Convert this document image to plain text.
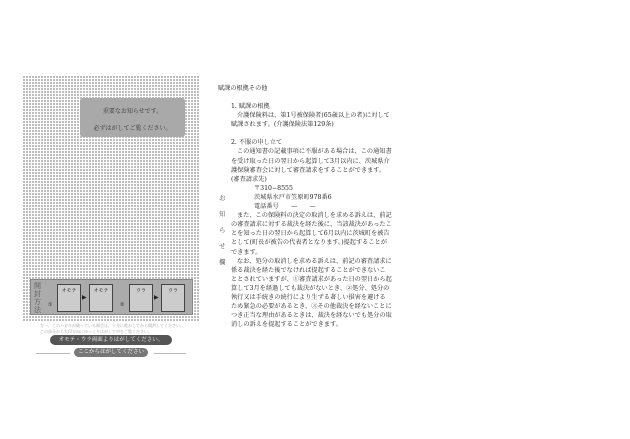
重要なお知らせです。
必ずはがしてご覧ください。
開封方法
オモテ
▶
オモテ	ウラ
▶
ウラ
①	②
万一、このハガキが破っている場合は、十分に乾かしてから開封してください。
この部分から矢印方向にゆっくりはがして中をご覧ください。
オモテ・ウラ両面よりはがしてください。
ここからはがしてください
お
知
ら
せ
欄

賦課の根拠その他

1. 賦課の根拠

介護保険料は、第1号被保険者(65歳以上の者)に対して

賦課されます。(介護保険法第129条)

2. 不服の申し立て

この通知書の記載事項に不服がある場合は、この通知書

を受け取った日の翌日から起算して3月以内に、茨城県介

護保険審査会に対して審査請求をすることができます。

(審査請求先)

〒310−8555

茨城県水戸市笠原町978番6

電話番号　　—　　—

また、この保険料の決定の取消しを求める訴えは、前記

の審査請求に対する裁決を経た後に、当該裁決があったこ

とを知った日の翌日から起算して6月以内に茨城町を被告

として(町長が被告の代表者となります。)提起することが

できます。

なお、処分の取消しを求める訴えは、前記の審査請求に

係る裁決を経た後でなければ提起することができないこ

ととされていますが、①審査請求があった日の翌日から起

算して3月を経過しても裁決がないとき、②処分、処分の

執行又は手続きの続行により生ずる著しい損害を避ける

ため緊急の必要があるとき、③その他裁決を経ないことに

つき正当な理由があるときは、裁決を経ないでも処分の取

消しの訴えを提起することができます。
